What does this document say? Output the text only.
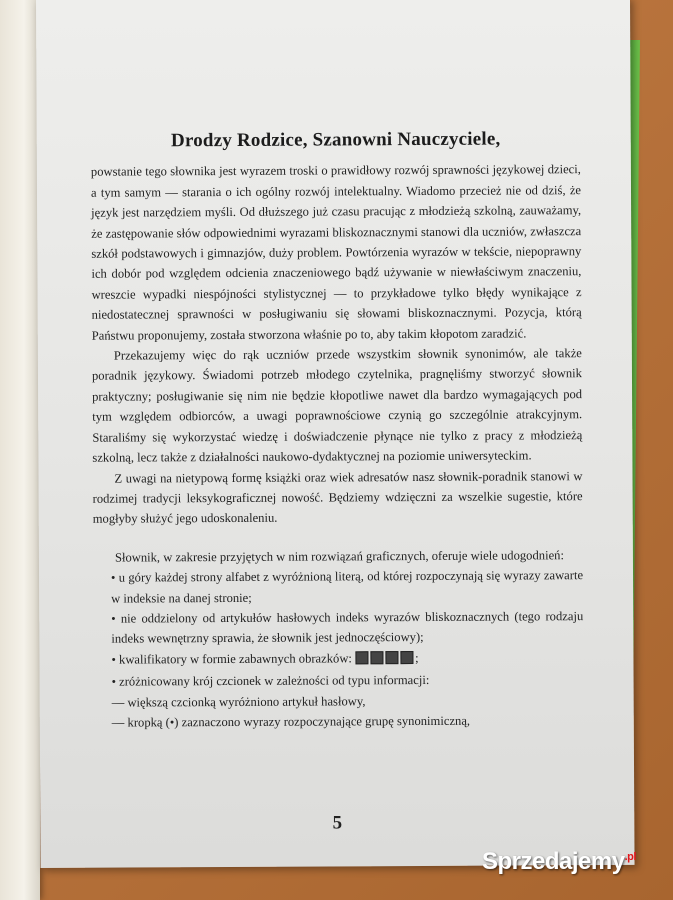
Drodzy Rodzice, Szanowni Nauczyciele,

powstanie tego słownika jest wyrazem troski o prawidłowy rozwój sprawności językowej dzieci, a tym samym — starania o ich ogólny rozwój intelektualny. Wiadomo przecież nie od dziś, że język jest narzędziem myśli. Od dłuższego już czasu pracując z młodzieżą szkolną, zauważamy, że zastępowanie słów odpowiednimi wyrazami bliskoznacznymi stanowi dla uczniów, zwłaszcza szkół podstawowych i gimnazjów, duży problem. Powtórzenia wyrazów w tekście, niepoprawny ich dobór pod względem odcienia znaczeniowego bądź używanie w niewłaściwym znaczeniu, wreszcie wypadki niespójności stylistycznej — to przykładowe tylko błędy wynikające z niedostatecznej sprawności w posługiwaniu się słowami bliskoznacznymi. Pozycja, którą Państwu proponujemy, została stworzona właśnie po to, aby takim kłopotom zaradzić.

Przekazujemy więc do rąk uczniów przede wszystkim słownik synonimów, ale także poradnik językowy. Świadomi potrzeb młodego czytelnika, pragnęliśmy stworzyć słownik praktyczny; posługiwanie się nim nie będzie kłopotliwe nawet dla bardzo wymagających pod tym względem odbiorców, a uwagi poprawnościowe czynią go szczególnie atrakcyjnym. Staraliśmy się wykorzystać wiedzę i doświadczenie płynące nie tylko z pracy z młodzieżą szkolną, lecz także z działalności naukowo-dydaktycznej na poziomie uniwersyteckim.

Z uwagi na nietypową formę książki oraz wiek adresatów nasz słownik-poradnik stanowi w rodzimej tradycji leksykograficznej nowość. Będziemy wdzięczni za wszelkie sugestie, które mogłyby służyć jego udoskonaleniu.

Słownik, w zakresie przyjętych w nim rozwiązań graficznych, oferuje wiele udogodnień:

• u góry każdej strony alfabet z wyróżnioną literą, od której rozpoczynają się wyrazy zawarte w indeksie na danej stronie;

• nie oddzielony od artykułów hasłowych indeks wyrazów bliskoznacznych (tego rodzaju indeks wewnętrzny sprawia, że słownik jest jednoczęściowy);

• kwalifikatory w formie zabawnych obrazków:	;

• zróżnicowany krój czcionek w zależności od typu informacji:

— większą czcionką wyróżniono artykuł hasłowy,

— kropką (•) zaznaczono wyrazy rozpoczynające grupę synonimiczną,

5
Sprzedajemy$^{.pl}$
